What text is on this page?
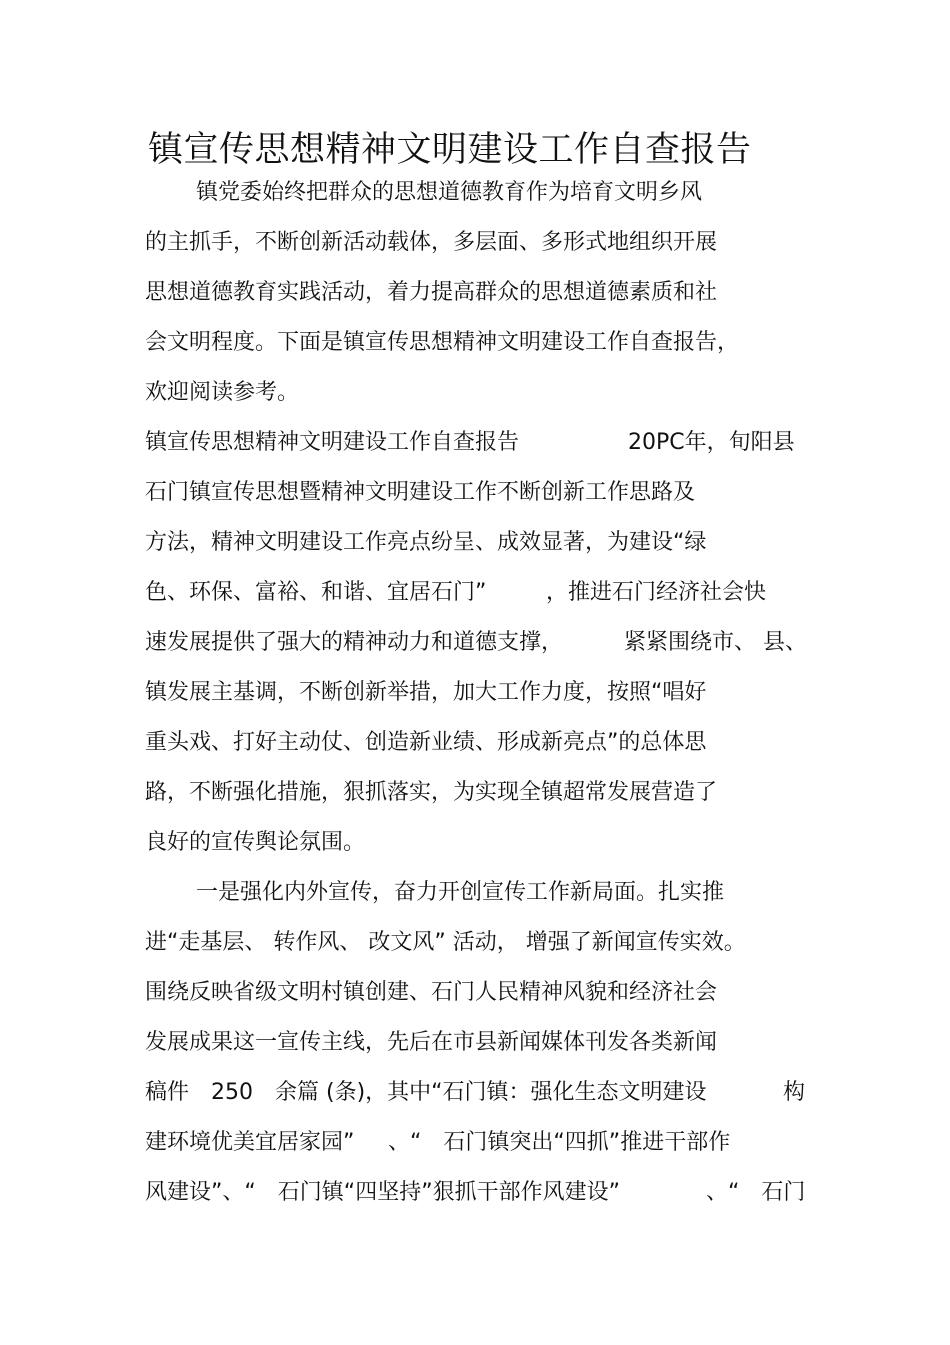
镇宣传思想精神文明建设工作自查报告
镇党委始终把群众的思想道德教育作为培育文明乡风
的主抓手，不断创新活动载体，多层面、多形式地组织开展
思想道德教育实践活动，着力提高群众的思想道德素质和社
会文明程度。下面是镇宣传思想精神文明建设工作自查报告，
欢迎阅读参考。
镇宣传思想精神文明建设工作自查报告	20PC年，旬阳县
石门镇宣传思想暨精神文明建设工作不断创新工作思路及
方法，精神文明建设工作亮点纷呈、成效显著，为建设“绿
色、环保、富裕、和谐、宜居石门”	，推进石门经济社会快
速发展提供了强大的精神动力和道德支撑，	紧紧围绕市、 县、
镇发展主基调，不断创新举措，加大工作力度，按照“唱好
重头戏、打好主动仗、创造新业绩、形成新亮点”的总体思
路，不断强化措施，狠抓落实，为实现全镇超常发展营造了
良好的宣传舆论氛围。
一是强化内外宣传，奋力开创宣传工作新局面。扎实推
进“走基层、 转作风、 改文风” 活动， 增强了新闻宣传实效。
围绕反映省级文明村镇创建、石门人民精神风貌和经济社会
发展成果这一宣传主线，先后在市县新闻媒体刊发各类新闻
稿件　250　余篇 (条)，其中“石门镇：强化生态文明建设	构
建环境优美宜居家园” 、“　石门镇突出“四抓”推进干部作
风建设”、“　石门镇“四坚持”狠抓干部作风建设”	、“　石门
